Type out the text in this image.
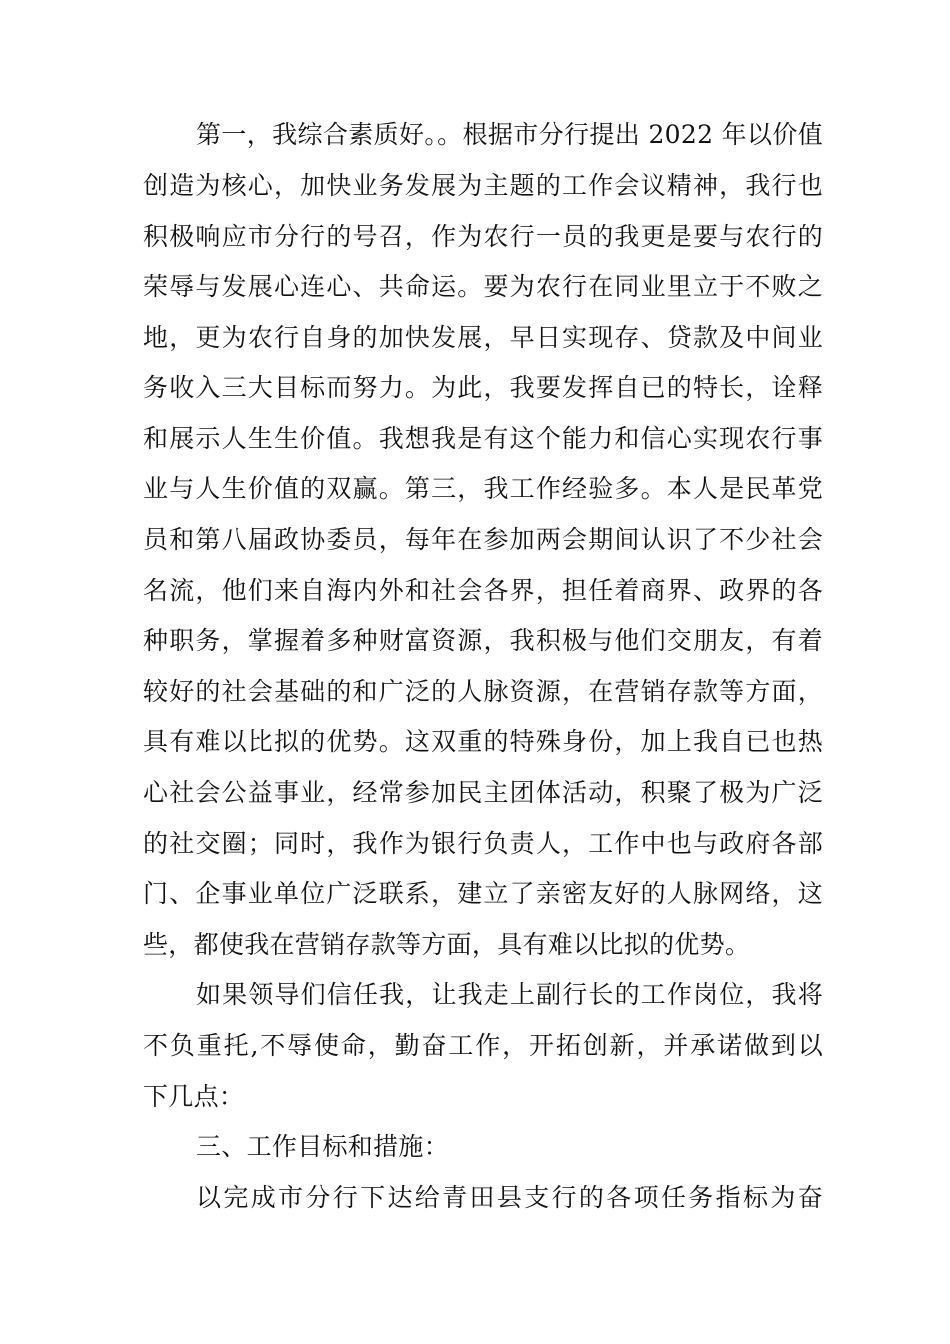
第一，我综合素质好。。根据市分行提出 2022 年以价值
创造为核心，加快业务发展为主题的工作会议精神，我行也
积极响应市分行的号召，作为农行一员的我更是要与农行的
荣辱与发展心连心、共命运。要为农行在同业里立于不败之
地，更为农行自身的加快发展，早日实现存、贷款及中间业
务收入三大目标而努力。为此，我要发挥自已的特长，诠释
和展示人生生价值。我想我是有这个能力和信心实现农行事
业与人生价值的双赢。第三，我工作经验多。本人是民革党
员和第八届政协委员，每年在参加两会期间认识了不少社会
名流，他们来自海内外和社会各界，担任着商界、政界的各
种职务，掌握着多种财富资源，我积极与他们交朋友，有着
较好的社会基础的和广泛的人脉资源，在营销存款等方面，
具有难以比拟的优势。这双重的特殊身份，加上我自已也热
心社会公益事业，经常参加民主团体活动，积聚了极为广泛
的社交圈；同时，我作为银行负责人，工作中也与政府各部
门、企事业单位广泛联系，建立了亲密友好的人脉网络，这
些，都使我在营销存款等方面，具有难以比拟的优势。
如果领导们信任我，让我走上副行长的工作岗位，我将
不负重托,不辱使命，勤奋工作，开拓创新，并承诺做到以
下几点：
三、工作目标和措施：
以完成市分行下达给青田县支行的各项任务指标为奋
